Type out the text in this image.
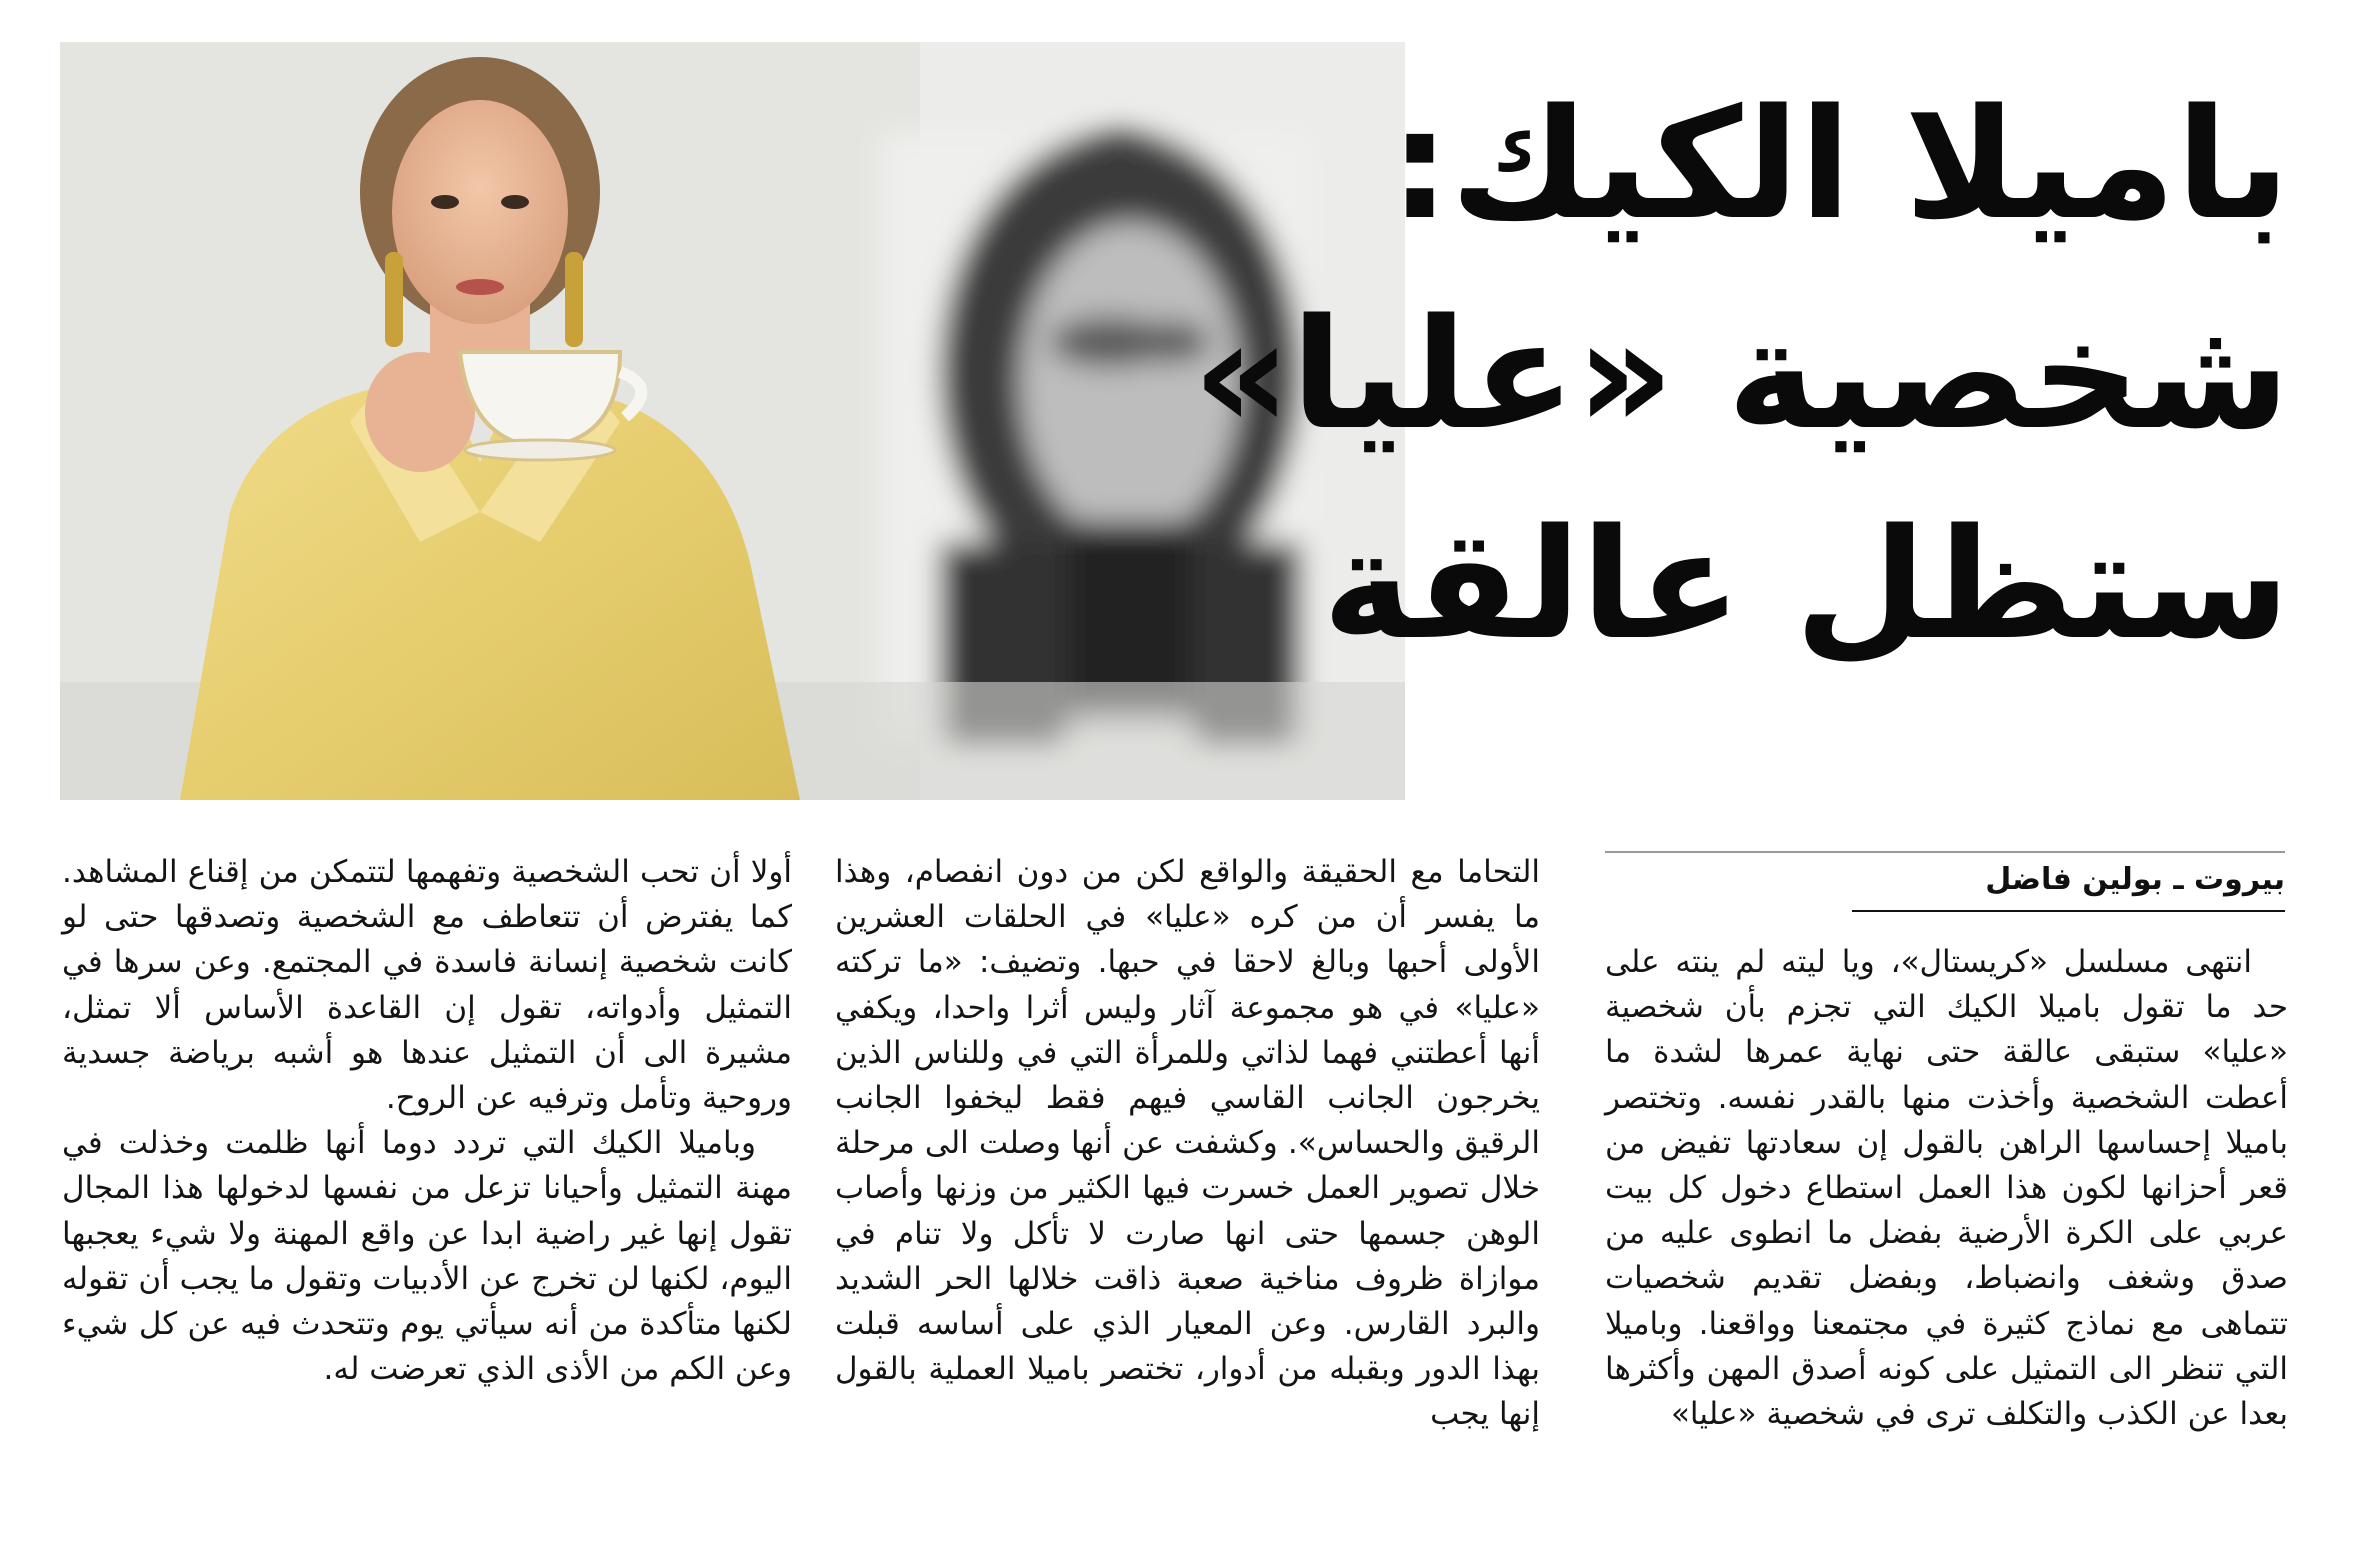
باميلا الكيك:
شخصية «عليا»
ستظل عالقة
بيروت ـ بولين فاضل

انتهى مسلسل «كريستال»، ويا ليته لم ينته على حد ما تقول باميلا الكيك التي تجزم بأن شخصية «عليا» ستبقى عالقة حتى نهاية عمرها لشدة ما أعطت الشخصية وأخذت منها بالقدر نفسه. وتختصر باميلا إحساسها الراهن بالقول إن سعادتها تفيض من قعر أحزانها لكون هذا العمل استطاع دخول كل بيت عربي على الكرة الأرضية بفضل ما انطوى عليه من صدق وشغف وانضباط، وبفضل تقديم شخصيات تتماهى مع نماذج كثيرة في مجتمعنا وواقعنا. وباميلا التي تنظر الى التمثيل على كونه أصدق المهن وأكثرها بعدا عن الكذب والتكلف ترى في شخصية «عليا»

التحاما مع الحقيقة والواقع لكن من دون انفصام، وهذا ما يفسر أن من كره «عليا» في الحلقات العشرين الأولى أحبها وبالغ لاحقا في حبها. وتضيف: «ما تركته «عليا» في هو مجموعة آثار وليس أثرا واحدا، ويكفي أنها أعطتني فهما لذاتي وللمرأة التي في وللناس الذين يخرجون الجانب القاسي فيهم فقط ليخفوا الجانب الرقيق والحساس». وكشفت عن أنها وصلت الى مرحلة خلال تصوير العمل خسرت فيها الكثير من وزنها وأصاب الوهن جسمها حتى انها صارت لا تأكل ولا تنام في موازاة ظروف مناخية صعبة ذاقت خلالها الحر الشديد والبرد القارس. وعن المعيار الذي على أساسه قبلت بهذا الدور وبقبله من أدوار، تختصر باميلا العملية بالقول إنها يجب

أولا أن تحب الشخصية وتفهمها لتتمكن من إقناع المشاهد. كما يفترض أن تتعاطف مع الشخصية وتصدقها حتى لو كانت شخصية إنسانة فاسدة في المجتمع. وعن سرها في التمثيل وأدواته، تقول إن القاعدة الأساس ألا تمثل، مشيرة الى أن التمثيل عندها هو أشبه برياضة جسدية وروحية وتأمل وترفيه عن الروح.

وباميلا الكيك التي تردد دوما أنها ظلمت وخذلت في مهنة التمثيل وأحيانا تزعل من نفسها لدخولها هذا المجال تقول إنها غير راضية ابدا عن واقع المهنة ولا شيء يعجبها اليوم، لكنها لن تخرج عن الأدبيات وتقول ما يجب أن تقوله لكنها متأكدة من أنه سيأتي يوم وتتحدث فيه عن كل شيء وعن الكم من الأذى الذي تعرضت له.
